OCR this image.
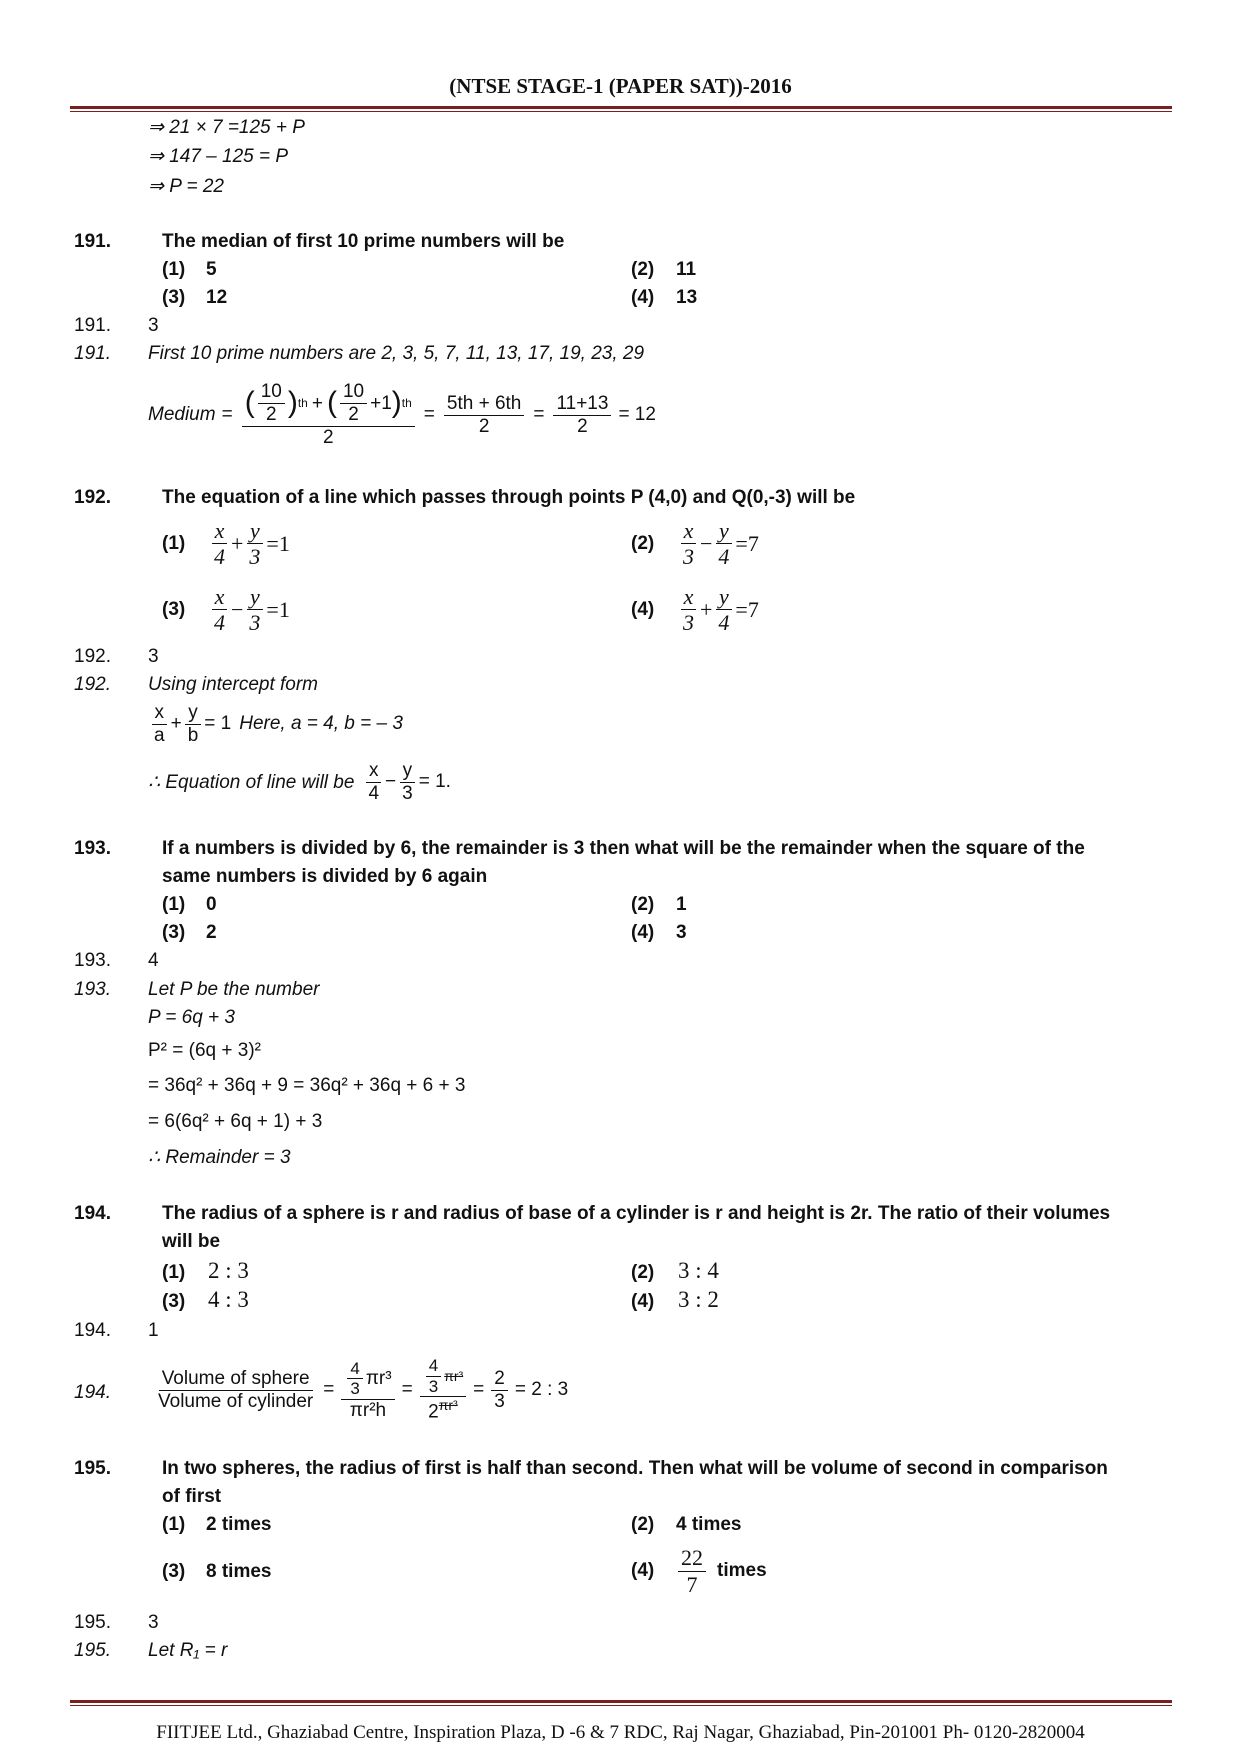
(NTSE STAGE-1 (PAPER SAT))-2016
⇒ 21 × 7 =125 + P
⇒ 147 – 125 = P
⇒ P = 22
191.	The median of first 10 prime numbers will be
(1) 5	(2) 11
(3) 12	(4) 13
191. 3
191. First 10 prime numbers are 2, 3, 5, 7, 11, 13, 17, 19, 23, 29
Medium = ( $\frac{10}{2}$ ) th + ( $\frac{10}{2} +1$ ) th
2
= $\frac{5th + 6th}{2} = \frac{11+13}{2} = 12$
192.	The equation of a line which passes through points P (4,0) and Q(0,-3) will be
(1)	$\frac{x}{4} + \frac{y}{3} =1$	(2)	$\frac{x}{3} - \frac{y}{4} =7$
(3)	$\frac{x}{4} - \frac{y}{3} =1$	(4)	$\frac{x}{3} + \frac{y}{4} =7$
192. 3
192. Using intercept form
$\frac{x}{a} + \frac{y}{b} = 1$ Here, a = 4, b = – 3
∴ Equation of line will be $\frac{x}{4} - \frac{y}{3} = 1$.
193.	If a numbers is divided by 6, the remainder is 3 then what will be the remainder when the square of the
same numbers is divided by 6 again
(1) 0	(2) 1
(3) 2	(4) 3
193. 4
193. Let P be the number
P = 6q + 3
P² = (6q + 3)²
= 36q² + 36q + 9 = 36q² + 36q + 6 + 3
= 6(6q² + 6q + 1) + 3
∴ Remainder = 3
194.	The radius of a sphere is r and radius of base of a cylinder is r and height is 2r. The ratio of their volumes
will be
(1) 2 : 3	(2) 3 : 4
(3) 4 : 3	(4) 3 : 2
194. 1
194. $\frac{\text{Volume of sphere}}{\text{Volume of cylinder}} = \frac{\frac{4}{3} \pi r^3}{\text{πr²h}} = \frac{\frac{4}{3} \pi r^3}{2^{\pi r^3}} = \frac{2}{3} = 2$ : 3
195.	In two spheres, the radius of first is half than second. Then what will be volume of second in comparison
of first
(1) 2 times	(2) 4 times
(3) 8 times	(4)	$\frac{22}{7}$ times
195. 3
195. Let R₁ = r
FIITJEE Ltd., Ghaziabad Centre, Inspiration Plaza, D -6 & 7 RDC, Raj Nagar, Ghaziabad, Pin-201001 Ph- 0120-2820004
